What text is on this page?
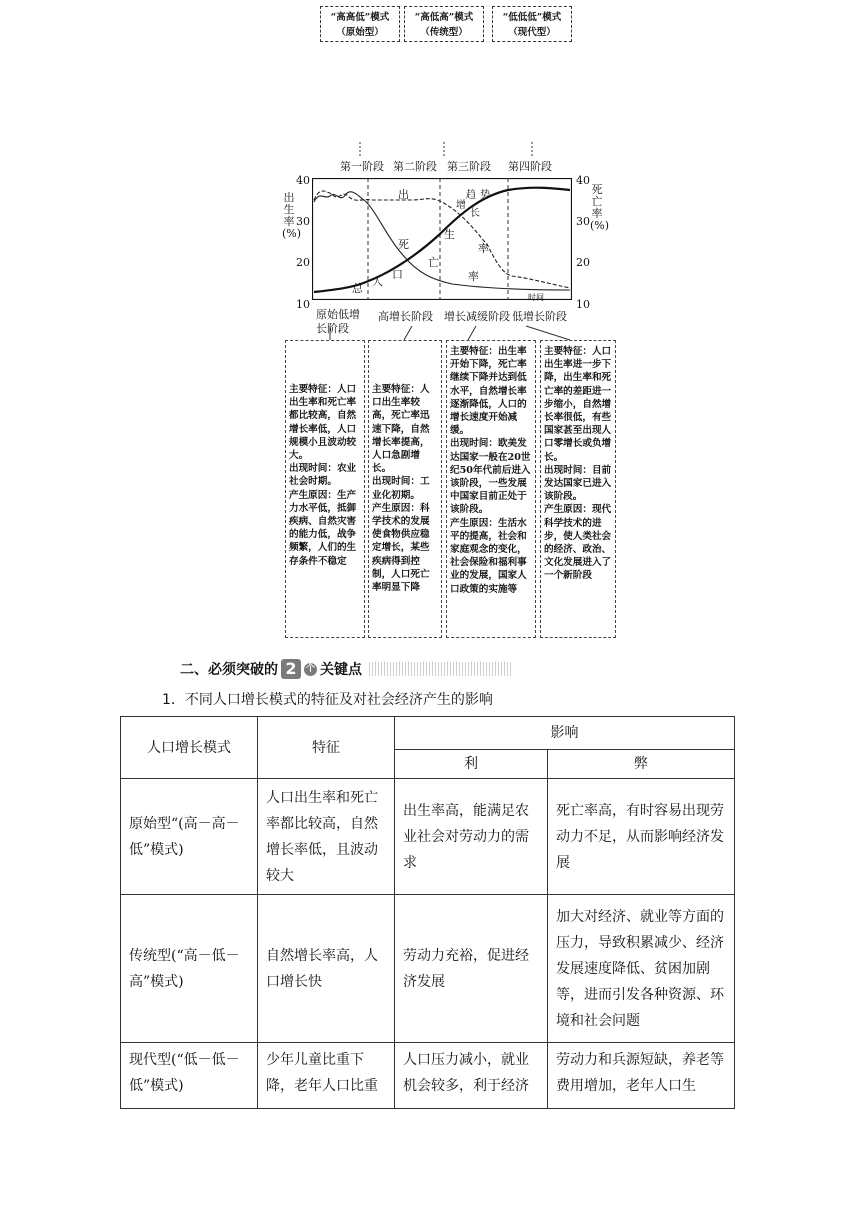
“高高低”模式
（原始型）
“高低高”模式
（传统型）
“低低低”模式
（现代型）
第一阶段 第二阶段 第三阶段 第四阶段
出生率(%)
死亡率(%)
40
30
20
10
40
30
20
10
出
增
长
趋 势
生
率
死
亡
率
总
人
口
时间
原始低增长阶段
高增长阶段 增长减缓阶段 低增长阶段

主要特征：人口出生率和死亡率都比较高，自然增长率低，人口规模小且波动较大。
出现时间：农业社会时期。
产生原因：生产力水平低，抵御疾病、自然灾害的能力低，战争频繁，人们的生存条件不稳定

主要特征：人口出生率较高，死亡率迅速下降，自然增长率提高，人口急剧增长。
出现时间：工业化初期。
产生原因：科学技术的发展使食物供应稳定增长，某些疾病得到控制，人口死亡率明显下降

主要特征：出生率开始下降，死亡率继续下降并达到低水平，自然增长率逐渐降低，人口的增长速度开始减缓。
出现时间：欧美发达国家一般在20世纪50年代前后进入该阶段，一些发展中国家目前正处于该阶段。
产生原因：生活水平的提高，社会和家庭观念的变化，社会保险和福利事业的发展，国家人口政策的实施等

主要特征：人口出生率进一步下降，出生率和死亡率的差距进一步缩小，自然增长率很低，有些国家甚至出现人口零增长或负增长。
出现时间：目前发达国家已进入该阶段。
产生原因：现代科学技术的进步，使人类社会的经济、政治、文化发展进入了一个新阶段

二、必须突破的 2	个 关键点
1．不同人口增长模式的特征及对社会经济产生的影响
人口增长模式	特征	影响	
		利	弊
原始型“(高－高－低”模式)	人口出生率和死亡率都比较高，自然增长率低，且波动较大	出生率高，能满足农业社会对劳动力的需求	死亡率高，有时容易出现劳动力不足，从而影响经济发展
传统型(“高－低－高”模式)	自然增长率高，人口增长快	劳动力充裕，促进经济发展	加大对经济、就业等方面的压力，导致积累减少、经济发展速度降低、贫困加剧等，进而引发各种资源、环境和社会问题
现代型(“低－低－低”模式)	少年儿童比重下降，老年人口比重	人口压力减小，就业机会较多，利于经济	劳动力和兵源短缺，养老等费用增加，老年人口生
